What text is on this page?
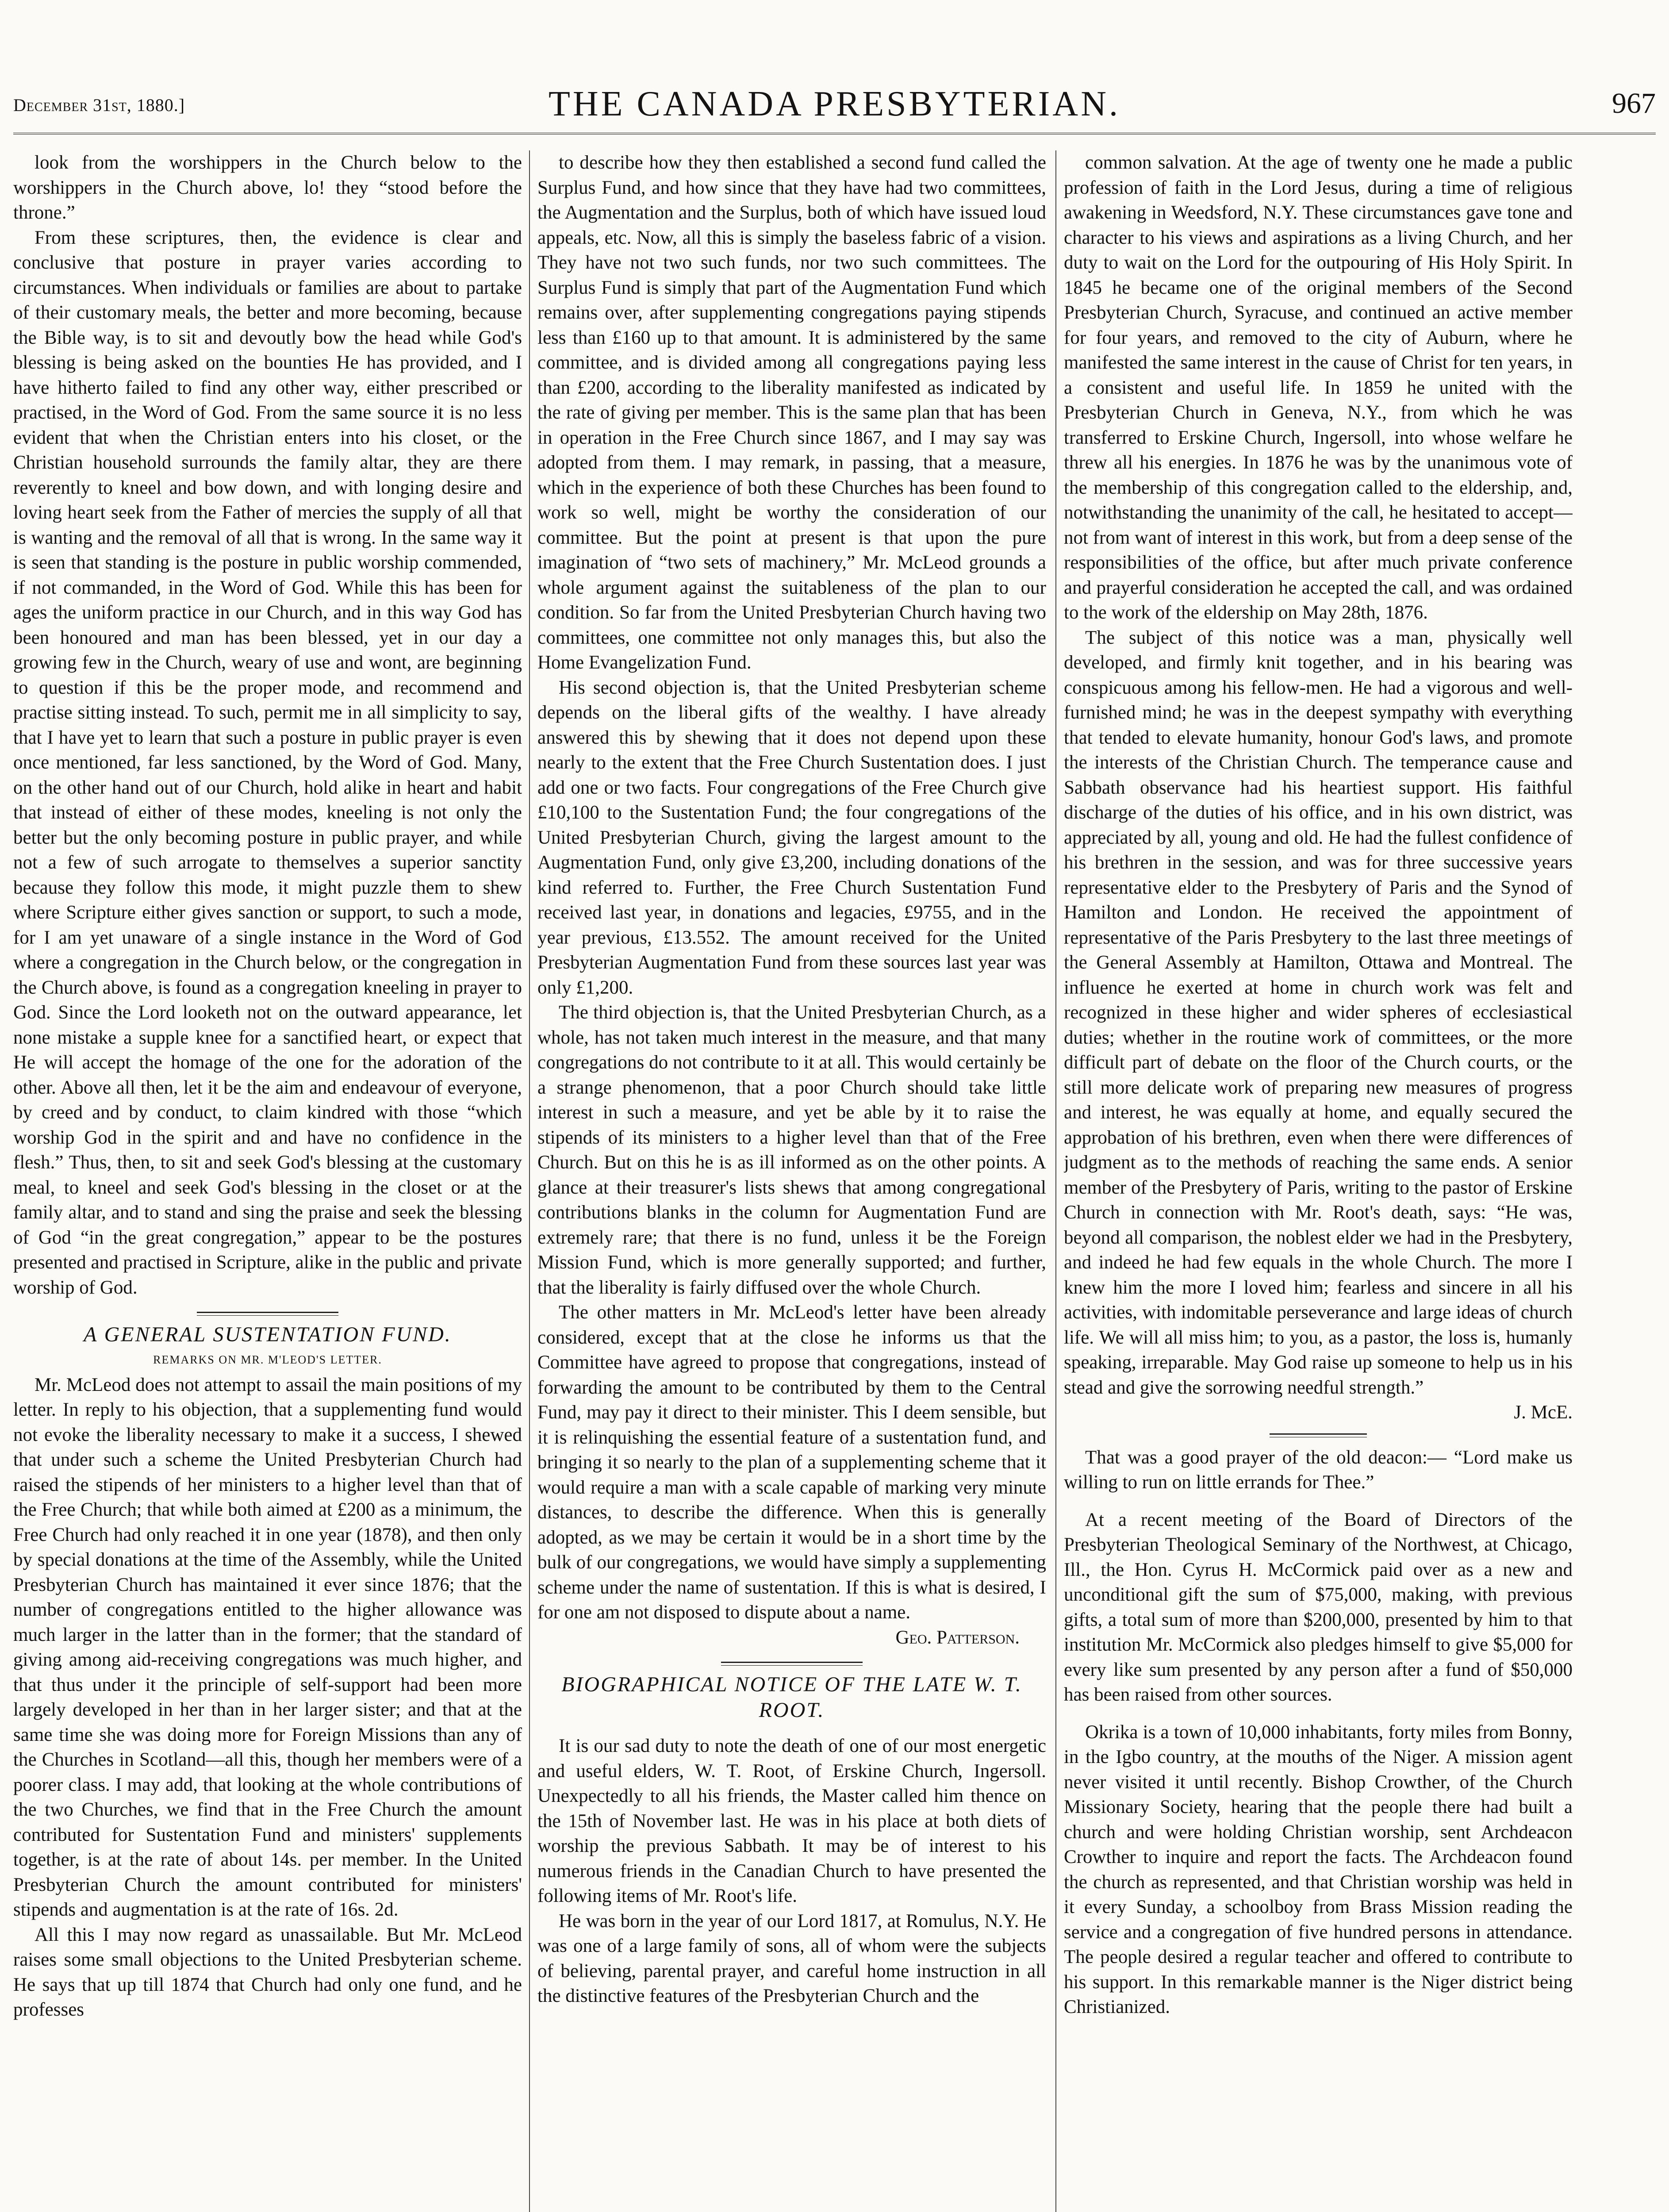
December 31st, 1880.]	THE CANADA PRESBYTERIAN.	967

look from the worshippers in the Church below to the worshippers in the Church above, lo! they “stood before the throne.”

From these scriptures, then, the evidence is clear and conclusive that posture in prayer varies according to circumstances. When individuals or families are about to partake of their customary meals, the better and more becoming, because the Bible way, is to sit and devoutly bow the head while God's blessing is being asked on the bounties He has provided, and I have hitherto failed to find any other way, either prescribed or practised, in the Word of God. From the same source it is no less evident that when the Christian enters into his closet, or the Christian household surrounds the family altar, they are there reverently to kneel and bow down, and with longing desire and loving heart seek from the Father of mercies the supply of all that is wanting and the removal of all that is wrong. In the same way it is seen that standing is the posture in public worship commended, if not commanded, in the Word of God. While this has been for ages the uniform practice in our Church, and in this way God has been honoured and man has been blessed, yet in our day a growing few in the Church, weary of use and wont, are beginning to question if this be the proper mode, and recommend and practise sitting instead. To such, permit me in all simplicity to say, that I have yet to learn that such a posture in public prayer is even once mentioned, far less sanctioned, by the Word of God. Many, on the other hand out of our Church, hold alike in heart and habit that instead of either of these modes, kneeling is not only the better but the only becoming posture in public prayer, and while not a few of such arrogate to themselves a superior sanctity because they follow this mode, it might puzzle them to shew where Scripture either gives sanction or support, to such a mode, for I am yet unaware of a single instance in the Word of God where a congregation in the Church below, or the congregation in the Church above, is found as a congregation kneeling in prayer to God. Since the Lord looketh not on the outward appearance, let none mistake a supple knee for a sanctified heart, or expect that He will accept the homage of the one for the adoration of the other. Above all then, let it be the aim and endeavour of everyone, by creed and by conduct, to claim kindred with those “which worship God in the spirit and and have no confidence in the flesh.” Thus, then, to sit and seek God's blessing at the customary meal, to kneel and seek God's blessing in the closet or at the family altar, and to stand and sing the praise and seek the blessing of God “in the great congregation,” appear to be the postures presented and practised in Scripture, alike in the public and private worship of God.

A GENERAL SUSTENTATION FUND.

REMARKS ON MR. M'LEOD'S LETTER.

Mr. McLeod does not attempt to assail the main positions of my letter. In reply to his objection, that a supplementing fund would not evoke the liberality necessary to make it a success, I shewed that under such a scheme the United Presbyterian Church had raised the stipends of her ministers to a higher level than that of the Free Church; that while both aimed at £200 as a minimum, the Free Church had only reached it in one year (1878), and then only by special donations at the time of the Assembly, while the United Presbyterian Church has maintained it ever since 1876; that the number of congregations entitled to the higher allowance was much larger in the latter than in the former; that the standard of giving among aid-receiving congregations was much higher, and that thus under it the principle of self-support had been more largely developed in her than in her larger sister; and that at the same time she was doing more for Foreign Missions than any of the Churches in Scotland—all this, though her members were of a poorer class. I may add, that looking at the whole contributions of the two Churches, we find that in the Free Church the amount contributed for Sustentation Fund and ministers' supplements together, is at the rate of about 14s. per member. In the United Presbyterian Church the amount contributed for ministers' stipends and augmentation is at the rate of 16s. 2d.

All this I may now regard as unassailable. But Mr. McLeod raises some small objections to the United Presbyterian scheme. He says that up till 1874 that Church had only one fund, and he professes

to describe how they then established a second fund called the Surplus Fund, and how since that they have had two committees, the Augmentation and the Surplus, both of which have issued loud appeals, etc. Now, all this is simply the baseless fabric of a vision. They have not two such funds, nor two such committees. The Surplus Fund is simply that part of the Augmentation Fund which remains over, after supplementing congregations paying stipends less than £160 up to that amount. It is administered by the same committee, and is divided among all congregations paying less than £200, according to the liberality manifested as indicated by the rate of giving per member. This is the same plan that has been in operation in the Free Church since 1867, and I may say was adopted from them. I may remark, in passing, that a measure, which in the experience of both these Churches has been found to work so well, might be worthy the consideration of our committee. But the point at present is that upon the pure imagination of “two sets of machinery,” Mr. McLeod grounds a whole argument against the suitableness of the plan to our condition. So far from the United Presbyterian Church having two committees, one committee not only manages this, but also the Home Evangelization Fund.

His second objection is, that the United Presbyterian scheme depends on the liberal gifts of the wealthy. I have already answered this by shewing that it does not depend upon these nearly to the extent that the Free Church Sustentation does. I just add one or two facts. Four congregations of the Free Church give £10,100 to the Sustentation Fund; the four congregations of the United Presbyterian Church, giving the largest amount to the Augmentation Fund, only give £3,200, including donations of the kind referred to. Further, the Free Church Sustentation Fund received last year, in donations and legacies, £9755, and in the year previous, £13.552. The amount received for the United Presbyterian Augmentation Fund from these sources last year was only £1,200.

The third objection is, that the United Presbyterian Church, as a whole, has not taken much interest in the measure, and that many congregations do not contribute to it at all. This would certainly be a strange phenomenon, that a poor Church should take little interest in such a measure, and yet be able by it to raise the stipends of its ministers to a higher level than that of the Free Church. But on this he is as ill informed as on the other points. A glance at their treasurer's lists shews that among congregational contributions blanks in the column for Augmentation Fund are extremely rare; that there is no fund, unless it be the Foreign Mission Fund, which is more generally supported; and further, that the liberality is fairly diffused over the whole Church.

The other matters in Mr. McLeod's letter have been already considered, except that at the close he informs us that the Committee have agreed to propose that congregations, instead of forwarding the amount to be contributed by them to the Central Fund, may pay it direct to their minister. This I deem sensible, but it is relinquishing the essential feature of a sustentation fund, and bringing it so nearly to the plan of a supplementing scheme that it would require a man with a scale capable of marking very minute distances, to describe the difference. When this is generally adopted, as we may be certain it would be in a short time by the bulk of our congregations, we would have simply a supplementing scheme under the name of sustentation. If this is what is desired, I for one am not disposed to dispute about a name.

Geo. Patterson.

BIOGRAPHICAL NOTICE OF THE LATE W. T. ROOT.

It is our sad duty to note the death of one of our most energetic and useful elders, W. T. Root, of Erskine Church, Ingersoll. Unexpectedly to all his friends, the Master called him thence on the 15th of November last. He was in his place at both diets of worship the previous Sabbath. It may be of interest to his numerous friends in the Canadian Church to have presented the following items of Mr. Root's life.

He was born in the year of our Lord 1817, at Romulus, N.Y. He was one of a large family of sons, all of whom were the subjects of believing, parental prayer, and careful home instruction in all the distinctive features of the Presbyterian Church and the

common salvation. At the age of twenty one he made a public profession of faith in the Lord Jesus, during a time of religious awakening in Weedsford, N.Y. These circumstances gave tone and character to his views and aspirations as a living Church, and her duty to wait on the Lord for the outpouring of His Holy Spirit. In 1845 he became one of the original members of the Second Presbyterian Church, Syracuse, and continued an active member for four years, and removed to the city of Auburn, where he manifested the same interest in the cause of Christ for ten years, in a consistent and useful life. In 1859 he united with the Presbyterian Church in Geneva, N.Y., from which he was transferred to Erskine Church, Ingersoll, into whose welfare he threw all his energies. In 1876 he was by the unanimous vote of the membership of this congregation called to the eldership, and, notwithstanding the unanimity of the call, he hesitated to accept—not from want of interest in this work, but from a deep sense of the responsibilities of the office, but after much private conference and prayerful consideration he accepted the call, and was ordained to the work of the eldership on May 28th, 1876.

The subject of this notice was a man, physically well developed, and firmly knit together, and in his bearing was conspicuous among his fellow-men. He had a vigorous and well-furnished mind; he was in the deepest sympathy with everything that tended to elevate humanity, honour God's laws, and promote the interests of the Christian Church. The temperance cause and Sabbath observance had his heartiest support. His faithful discharge of the duties of his office, and in his own district, was appreciated by all, young and old. He had the fullest confidence of his brethren in the session, and was for three successive years representative elder to the Presbytery of Paris and the Synod of Hamilton and London. He received the appointment of representative of the Paris Presbytery to the last three meetings of the General Assembly at Hamilton, Ottawa and Montreal. The influence he exerted at home in church work was felt and recognized in these higher and wider spheres of ecclesiastical duties; whether in the routine work of committees, or the more difficult part of debate on the floor of the Church courts, or the still more delicate work of preparing new measures of progress and interest, he was equally at home, and equally secured the approbation of his brethren, even when there were differences of judgment as to the methods of reaching the same ends. A senior member of the Presbytery of Paris, writing to the pastor of Erskine Church in connection with Mr. Root's death, says: “He was, beyond all comparison, the noblest elder we had in the Presbytery, and indeed he had few equals in the whole Church. The more I knew him the more I loved him; fearless and sincere in all his activities, with indomitable perseverance and large ideas of church life. We will all miss him; to you, as a pastor, the loss is, humanly speaking, irreparable. May God raise up someone to help us in his stead and give the sorrowing needful strength.”

J. McE.

That was a good prayer of the old deacon:— “Lord make us willing to run on little errands for Thee.”

At a recent meeting of the Board of Directors of the Presbyterian Theological Seminary of the Northwest, at Chicago, Ill., the Hon. Cyrus H. McCormick paid over as a new and unconditional gift the sum of $75,000, making, with previous gifts, a total sum of more than $200,000, presented by him to that institution Mr. McCormick also pledges himself to give $5,000 for every like sum presented by any person after a fund of $50,000 has been raised from other sources.

Okrika is a town of 10,000 inhabitants, forty miles from Bonny, in the Igbo country, at the mouths of the Niger. A mission agent never visited it until recently. Bishop Crowther, of the Church Missionary Society, hearing that the people there had built a church and were holding Christian worship, sent Archdeacon Crowther to inquire and report the facts. The Archdeacon found the church as represented, and that Christian worship was held in it every Sunday, a schoolboy from Brass Mission reading the service and a congregation of five hundred persons in attendance. The people desired a regular teacher and offered to contribute to his support. In this remarkable manner is the Niger district being Christianized.
